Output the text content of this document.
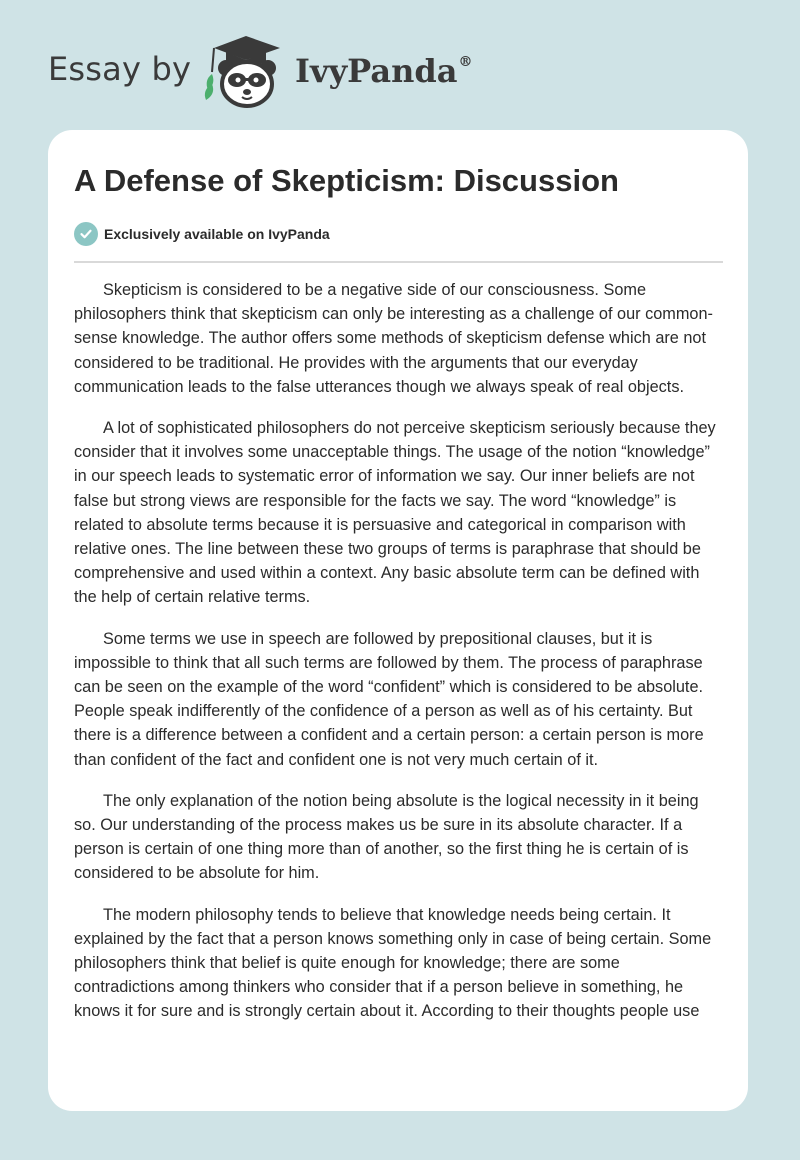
Essay by	IvyPanda®
A Defense of Skepticism: Discussion
Exclusively available on IvyPanda

Skepticism is considered to be a negative side of our consciousness. Some philosophers think that skepticism can only be interesting as a challenge of our common-sense knowledge. The author offers some methods of skepticism defense which are not considered to be traditional. He provides with the arguments that our everyday communication leads to the false utterances though we always speak of real objects.

A lot of sophisticated philosophers do not perceive skepticism seriously because they consider that it involves some unacceptable things. The usage of the notion “knowledge” in our speech leads to systematic error of information we say. Our inner beliefs are not false but strong views are responsible for the facts we say. The word “knowledge” is related to absolute terms because it is persuasive and categorical in comparison with relative ones. The line between these two groups of terms is paraphrase that should be comprehensive and used within a context. Any basic absolute term can be defined with the help of certain relative terms.

Some terms we use in speech are followed by prepositional clauses, but it is impossible to think that all such terms are followed by them. The process of paraphrase can be seen on the example of the word “confident” which is considered to be absolute. People speak indifferently of the confidence of a person as well as of his certainty. But there is a difference between a confident and a certain person: a certain person is more than confident of the fact and confident one is not very much certain of it.

The only explanation of the notion being absolute is the logical necessity in it being so. Our understanding of the process makes us be sure in its absolute character. If a person is certain of one thing more than of another, so the first thing he is certain of is considered to be absolute for him.

The modern philosophy tends to believe that knowledge needs being certain. It explained by the fact that a person knows something only in case of being certain. Some philosophers think that belief is quite enough for knowledge; there are some contradictions among thinkers who consider that if a person believe in something, he knows it for sure and is strongly certain about it. According to their thoughts people use
